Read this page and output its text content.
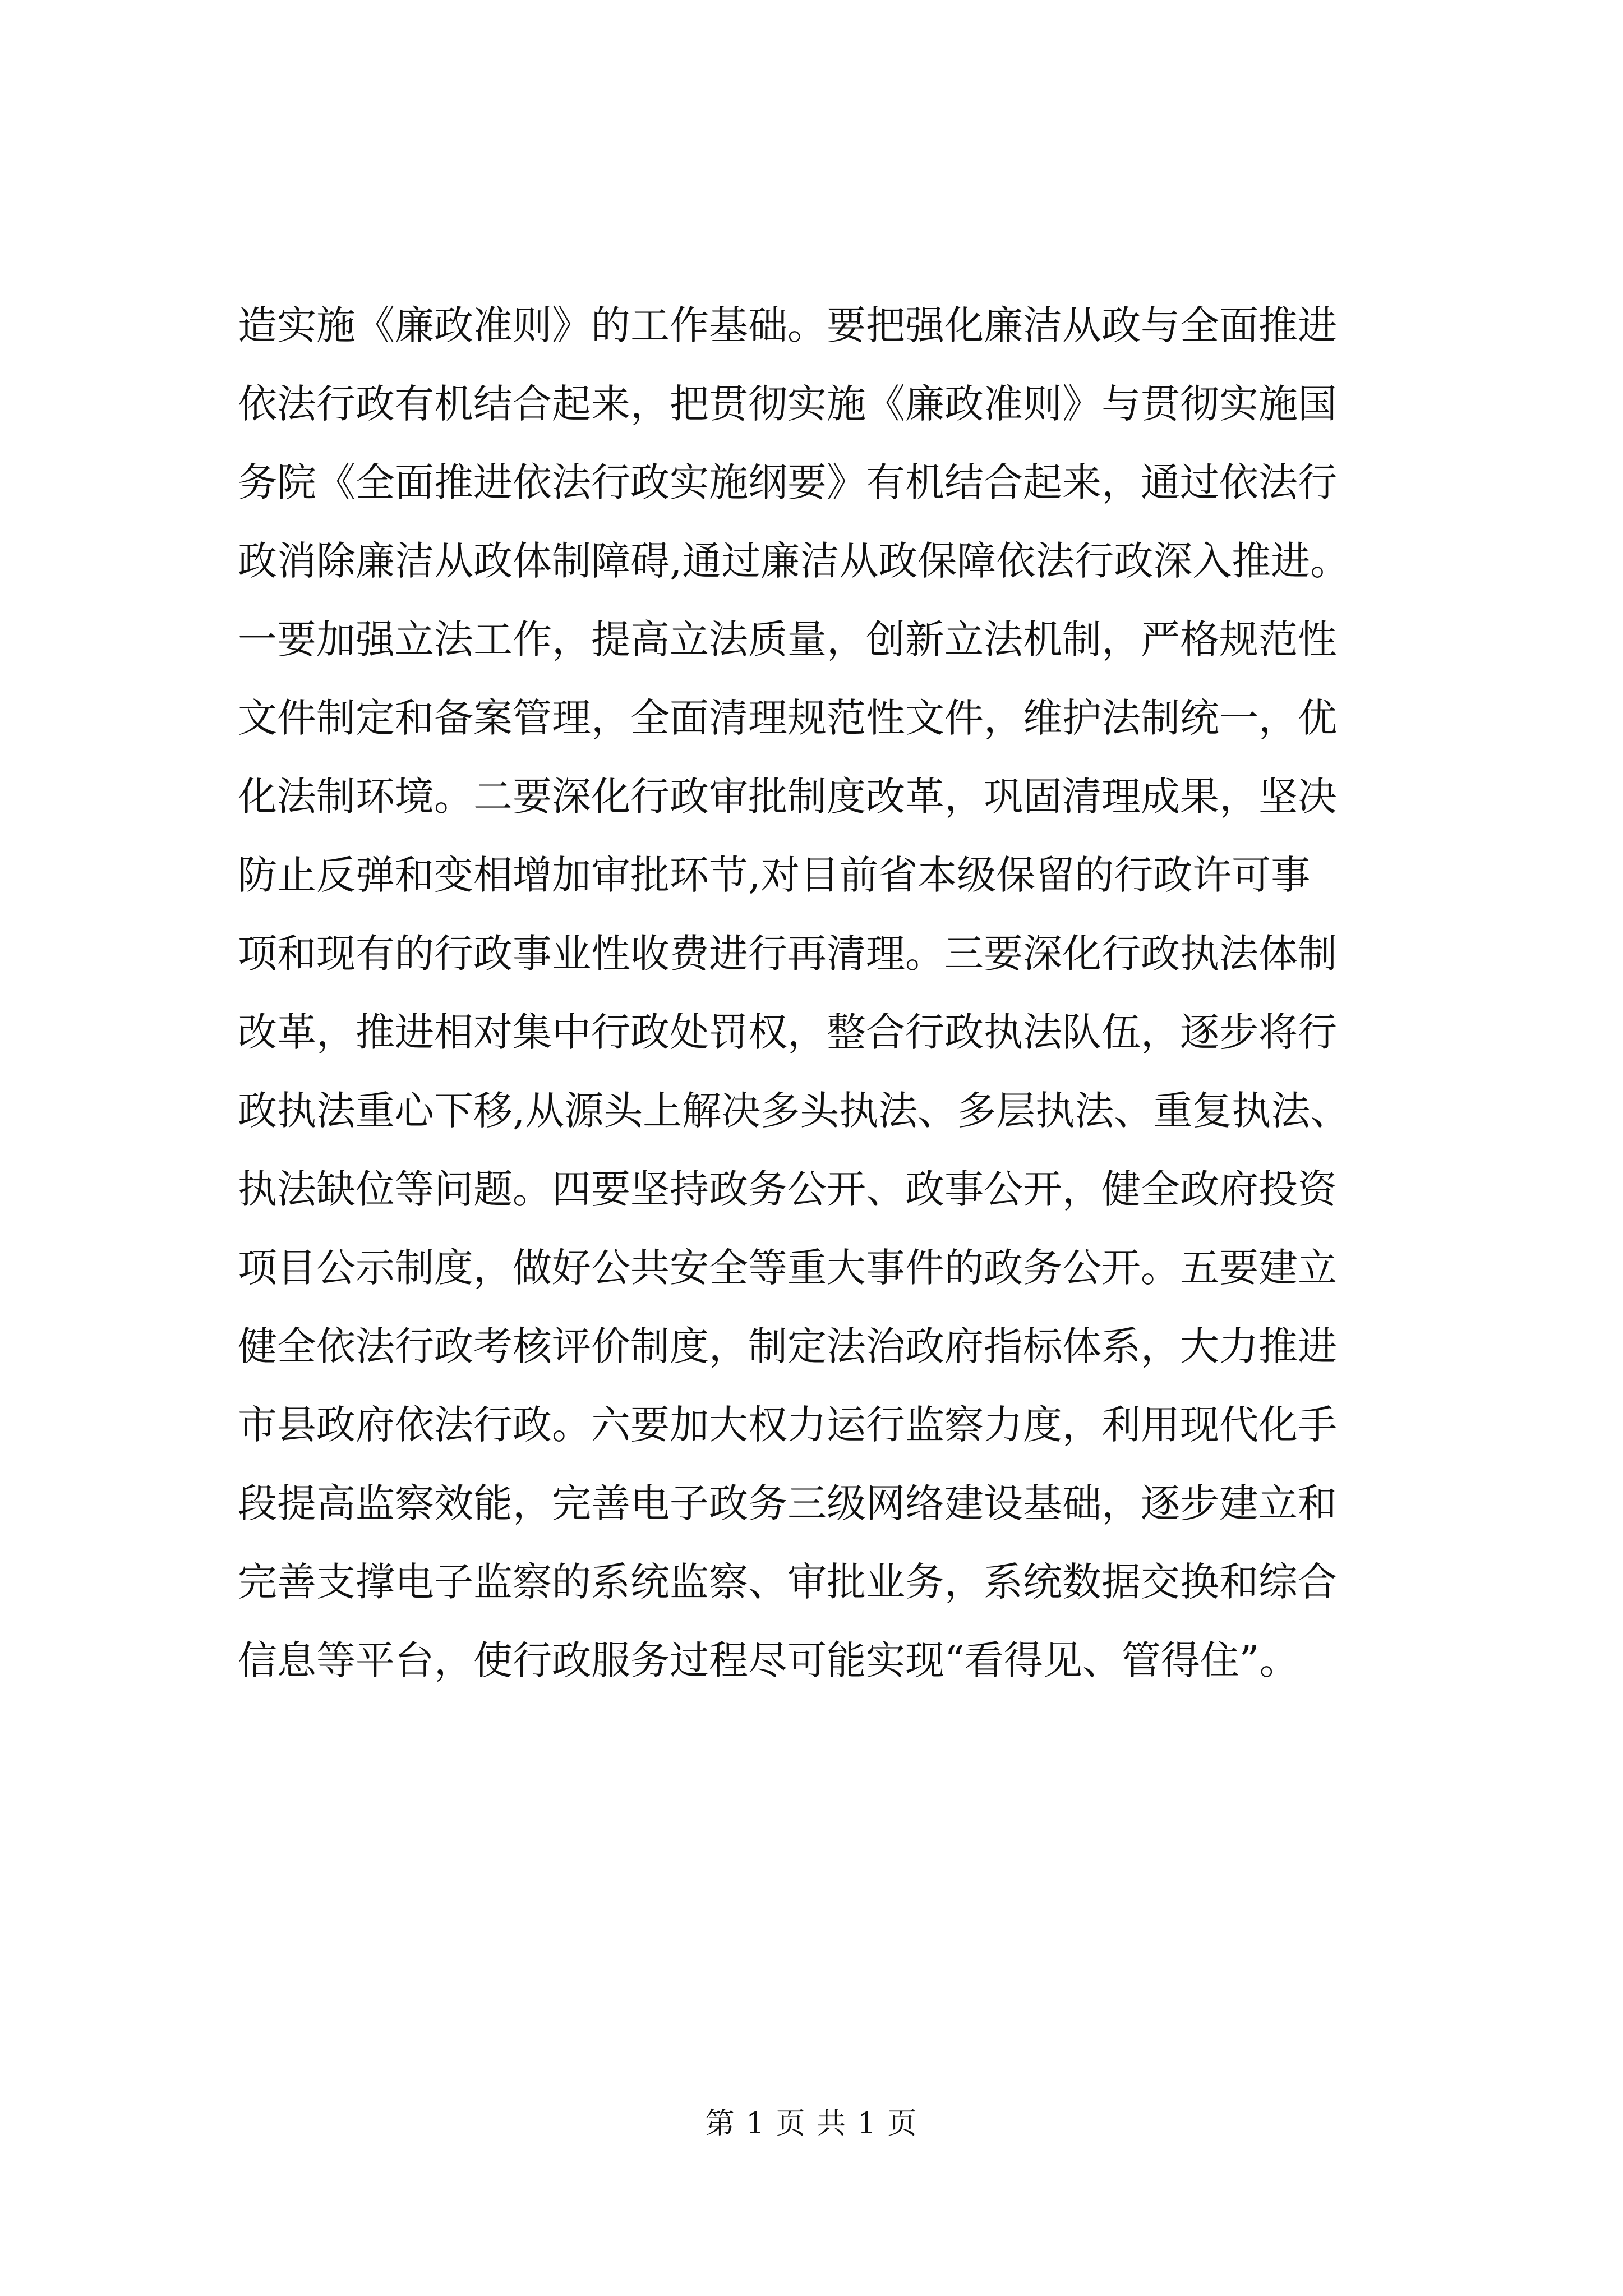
造实施《廉政准则》的工作基础。要把强化廉洁从政与全面推进
依法行政有机结合起来，把贯彻实施《廉政准则》与贯彻实施国
务院《全面推进依法行政实施纲要》有机结合起来，通过依法行
政消除廉洁从政体制障碍,通过廉洁从政保障依法行政深入推进。
一要加强立法工作，提高立法质量，创新立法机制，严格规范性
文件制定和备案管理，全面清理规范性文件，维护法制统一，优
化法制环境。二要深化行政审批制度改革，巩固清理成果，坚决
防止反弹和变相增加审批环节,对目前省本级保留的行政许可事
项和现有的行政事业性收费进行再清理。三要深化行政执法体制
改革，推进相对集中行政处罚权，整合行政执法队伍，逐步将行
政执法重心下移,从源头上解决多头执法、多层执法、重复执法、
执法缺位等问题。四要坚持政务公开、政事公开，健全政府投资
项目公示制度，做好公共安全等重大事件的政务公开。五要建立
健全依法行政考核评价制度，制定法治政府指标体系，大力推进
市县政府依法行政。六要加大权力运行监察力度，利用现代化手
段提高监察效能，完善电子政务三级网络建设基础，逐步建立和
完善支撑电子监察的系统监察、审批业务，系统数据交换和综合
信息等平台，使行政服务过程尽可能实现“看得见、管得住”。
第 1 页 共 1 页
